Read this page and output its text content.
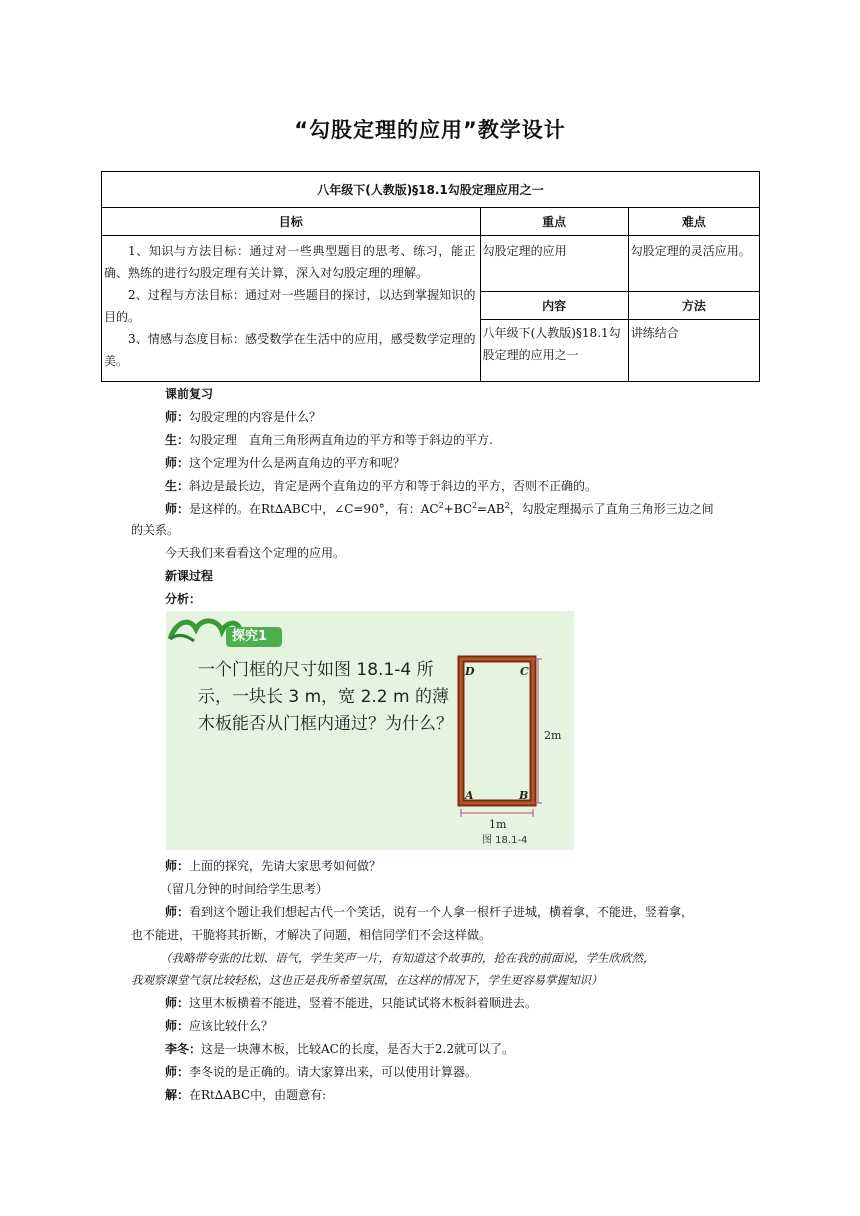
“勾股定理的应用”教学设计
八年级下(人教版)§18.1勾股定理应用之一		
目标	重点	难点

1、知识与方法目标：通过对一些典型题目的思考、练习，能正确、熟练的进行勾股定理有关计算，深入对勾股定理的理解。

2、过程与方法目标：通过对一些题目的探讨，以达到掌握知识的目的。

3、情感与态度目标：感受数学在生活中的应用，感受数学定理的美。	勾股定理的应用	勾股定理的灵活应用。
	内容	方法
	八年级下(人教版)§18.1勾股定理的应用之一	讲练结合
课前复习
师：勾股定理的内容是什么？
生：勾股定理　直角三角形两直角边的平方和等于斜边的平方.
师：这个定理为什么是两直角边的平方和呢？
生：斜边是最长边，肯定是两个直角边的平方和等于斜边的平方，否则不正确的。
师：是这样的。在Rt∆ABC中，∠C=90°，有：$AC^2+BC^2=AB^2$，勾股定理揭示了直角三角形三边之间
的关系。
今天我们来看看这个定理的应用。
新课过程
分析：
探究1
一个门框的尺寸如图 18.1-4 所示，一块长 3 m，宽 2.2 m 的薄木板能否从门框内通过？为什么？
D	C
A	B
2m
1m
图 18.1-4
师：上面的探究，先请大家思考如何做？
（留几分钟的时间给学生思考）
师：看到这个题让我们想起古代一个笑话，说有一个人拿一根杆子进城，横着拿，不能进，竖着拿，
也不能进，干脆将其折断，才解决了问题，相信同学们不会这样做。
（我略带夸张的比划、语气，学生笑声一片，有知道这个故事的，抢在我的前面说，学生欣欣然，
我观察课堂气氛比较轻松，这也正是我所希望氛围，在这样的情况下，学生更容易掌握知识）
师：这里木板横着不能进，竖着不能进，只能试试将木板斜着顺进去。
师：应该比较什么？
李冬：这是一块薄木板，比较AC的长度，是否大于2.2就可以了。
师：李冬说的是正确的。请大家算出来，可以使用计算器。
解：在Rt∆ABC中，由题意有:
